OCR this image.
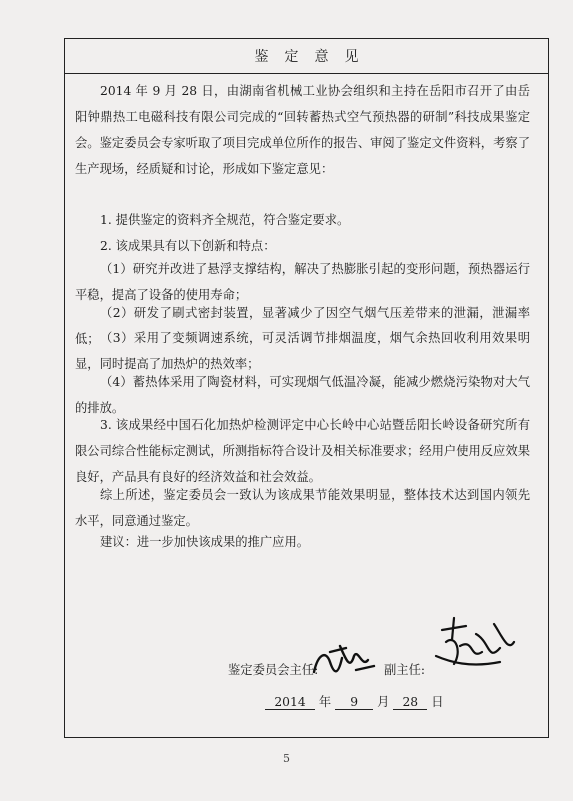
鉴定意见

2014 年 9 月 28 日，由湖南省机械工业协会组织和主持在岳阳市召开了由岳阳钟鼎热工电磁科技有限公司完成的“回转蓄热式空气预热器的研制”科技成果鉴定会。鉴定委员会专家听取了项目完成单位所作的报告、审阅了鉴定文件资料，考察了生产现场，经质疑和讨论，形成如下鉴定意见：

1. 提供鉴定的资料齐全规范，符合鉴定要求。

2. 该成果具有以下创新和特点：

（1）研究并改进了悬浮支撑结构，解决了热膨胀引起的变形问题，预热器运行平稳，提高了设备的使用寿命；

（2）研发了刷式密封装置，显著减少了因空气烟气压差带来的泄漏，泄漏率低； （3）采用了变频调速系统，可灵活调节排烟温度，烟气余热回收利用效果明显，同时提高了加热炉的热效率；

（4）蓄热体采用了陶瓷材料，可实现烟气低温冷凝，能减少燃烧污染物对大气的排放。

3. 该成果经中国石化加热炉检测评定中心长岭中心站暨岳阳长岭设备研究所有限公司综合性能标定测试，所测指标符合设计及相关标准要求；经用户使用反应效果良好，产品具有良好的经济效益和社会效益。

综上所述，鉴定委员会一致认为该成果节能效果明显，整体技术达到国内领先水平，同意通过鉴定。

建议：进一步加快该成果的推广应用。

鉴定委员会主任:	副主任:
2014 年 9 月 28 日
5
